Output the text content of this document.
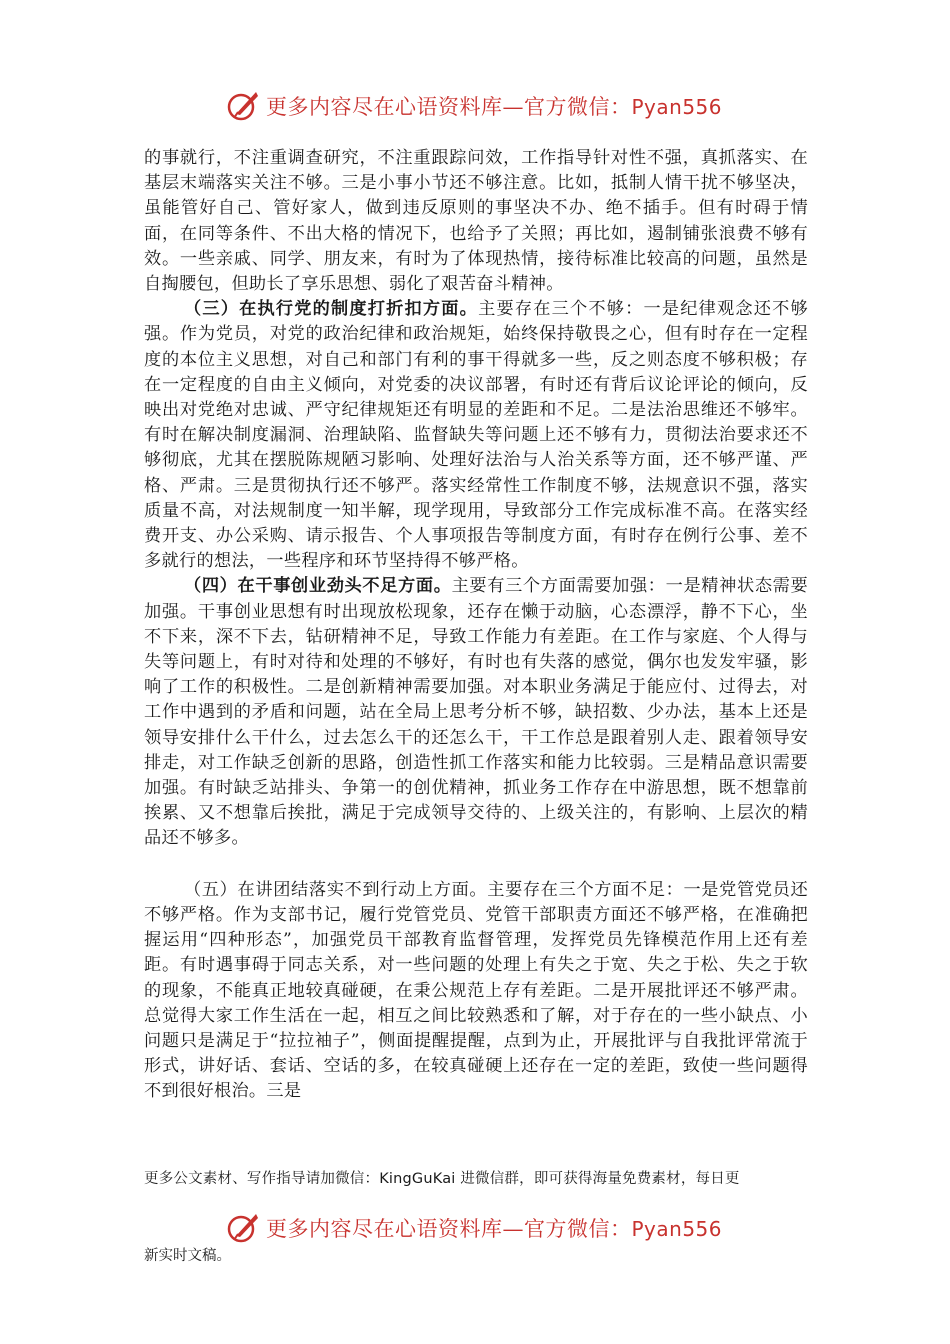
更多内容尽在心语资料库—官方微信：Pyan556

的事就行，不注重调查研究，不注重跟踪问效，工作指导针对性不强，真抓落实、在基层末端落实关注不够。三是小事小节还不够注意。比如，抵制人情干扰不够坚决，虽能管好自己、管好家人，做到违反原则的事坚决不办、绝不插手。但有时碍于情面，在同等条件、不出大格的情况下，也给予了关照；再比如，遏制铺张浪费不够有效。一些亲戚、同学、朋友来，有时为了体现热情，接待标准比较高的问题，虽然是自掏腰包，但助长了享乐思想、弱化了艰苦奋斗精神。

（三）在执行党的制度打折扣方面。主要存在三个不够：一是纪律观念还不够强。作为党员，对党的政治纪律和政治规矩，始终保持敬畏之心，但有时存在一定程度的本位主义思想，对自己和部门有利的事干得就多一些，反之则态度不够积极；存在一定程度的自由主义倾向，对党委的决议部署，有时还有背后议论评论的倾向，反映出对党绝对忠诚、严守纪律规矩还有明显的差距和不足。二是法治思维还不够牢。有时在解决制度漏洞、治理缺陷、监督缺失等问题上还不够有力，贯彻法治要求还不够彻底，尤其在摆脱陈规陋习影响、处理好法治与人治关系等方面，还不够严谨、严格、严肃。三是贯彻执行还不够严。落实经常性工作制度不够，法规意识不强，落实质量不高，对法规制度一知半解，现学现用，导致部分工作完成标准不高。在落实经费开支、办公采购、请示报告、个人事项报告等制度方面，有时存在例行公事、差不多就行的想法，一些程序和环节坚持得不够严格。

（四）在干事创业劲头不足方面。主要有三个方面需要加强：一是精神状态需要加强。干事创业思想有时出现放松现象，还存在懒于动脑，心态漂浮，静不下心，坐不下来，深不下去，钻研精神不足，导致工作能力有差距。在工作与家庭、个人得与失等问题上，有时对待和处理的不够好，有时也有失落的感觉，偶尔也发发牢骚，影响了工作的积极性。二是创新精神需要加强。对本职业务满足于能应付、过得去，对工作中遇到的矛盾和问题，站在全局上思考分析不够，缺招数、少办法，基本上还是领导安排什么干什么，过去怎么干的还怎么干，干工作总是跟着别人走、跟着领导安排走，对工作缺乏创新的思路，创造性抓工作落实和能力比较弱。三是精品意识需要加强。有时缺乏站排头、争第一的创优精神，抓业务工作存在中游思想，既不想靠前挨累、又不想靠后挨批，满足于完成领导交待的、上级关注的，有影响、上层次的精品还不够多。

（五）在讲团结落实不到行动上方面。主要存在三个方面不足：一是党管党员还不够严格。作为支部书记，履行党管党员、党管干部职责方面还不够严格，在准确把握运用“四种形态”，加强党员干部教育监督管理，发挥党员先锋模范作用上还有差距。有时遇事碍于同志关系，对一些问题的处理上有失之于宽、失之于松、失之于软的现象，不能真正地较真碰硬，在秉公规范上存有差距。二是开展批评还不够严肃。总觉得大家工作生活在一起，相互之间比较熟悉和了解，对于存在的一些小缺点、小问题只是满足于“拉拉袖子”，侧面提醒提醒，点到为止，开展批评与自我批评常流于形式，讲好话、套话、空话的多，在较真碰硬上还存在一定的差距，致使一些问题得不到很好根治。三是

更多公文素材、写作指导请加微信：KingGuKai 进微信群，即可获得海量免费素材，每日更
更多内容尽在心语资料库—官方微信：Pyan556
新实时文稿。
